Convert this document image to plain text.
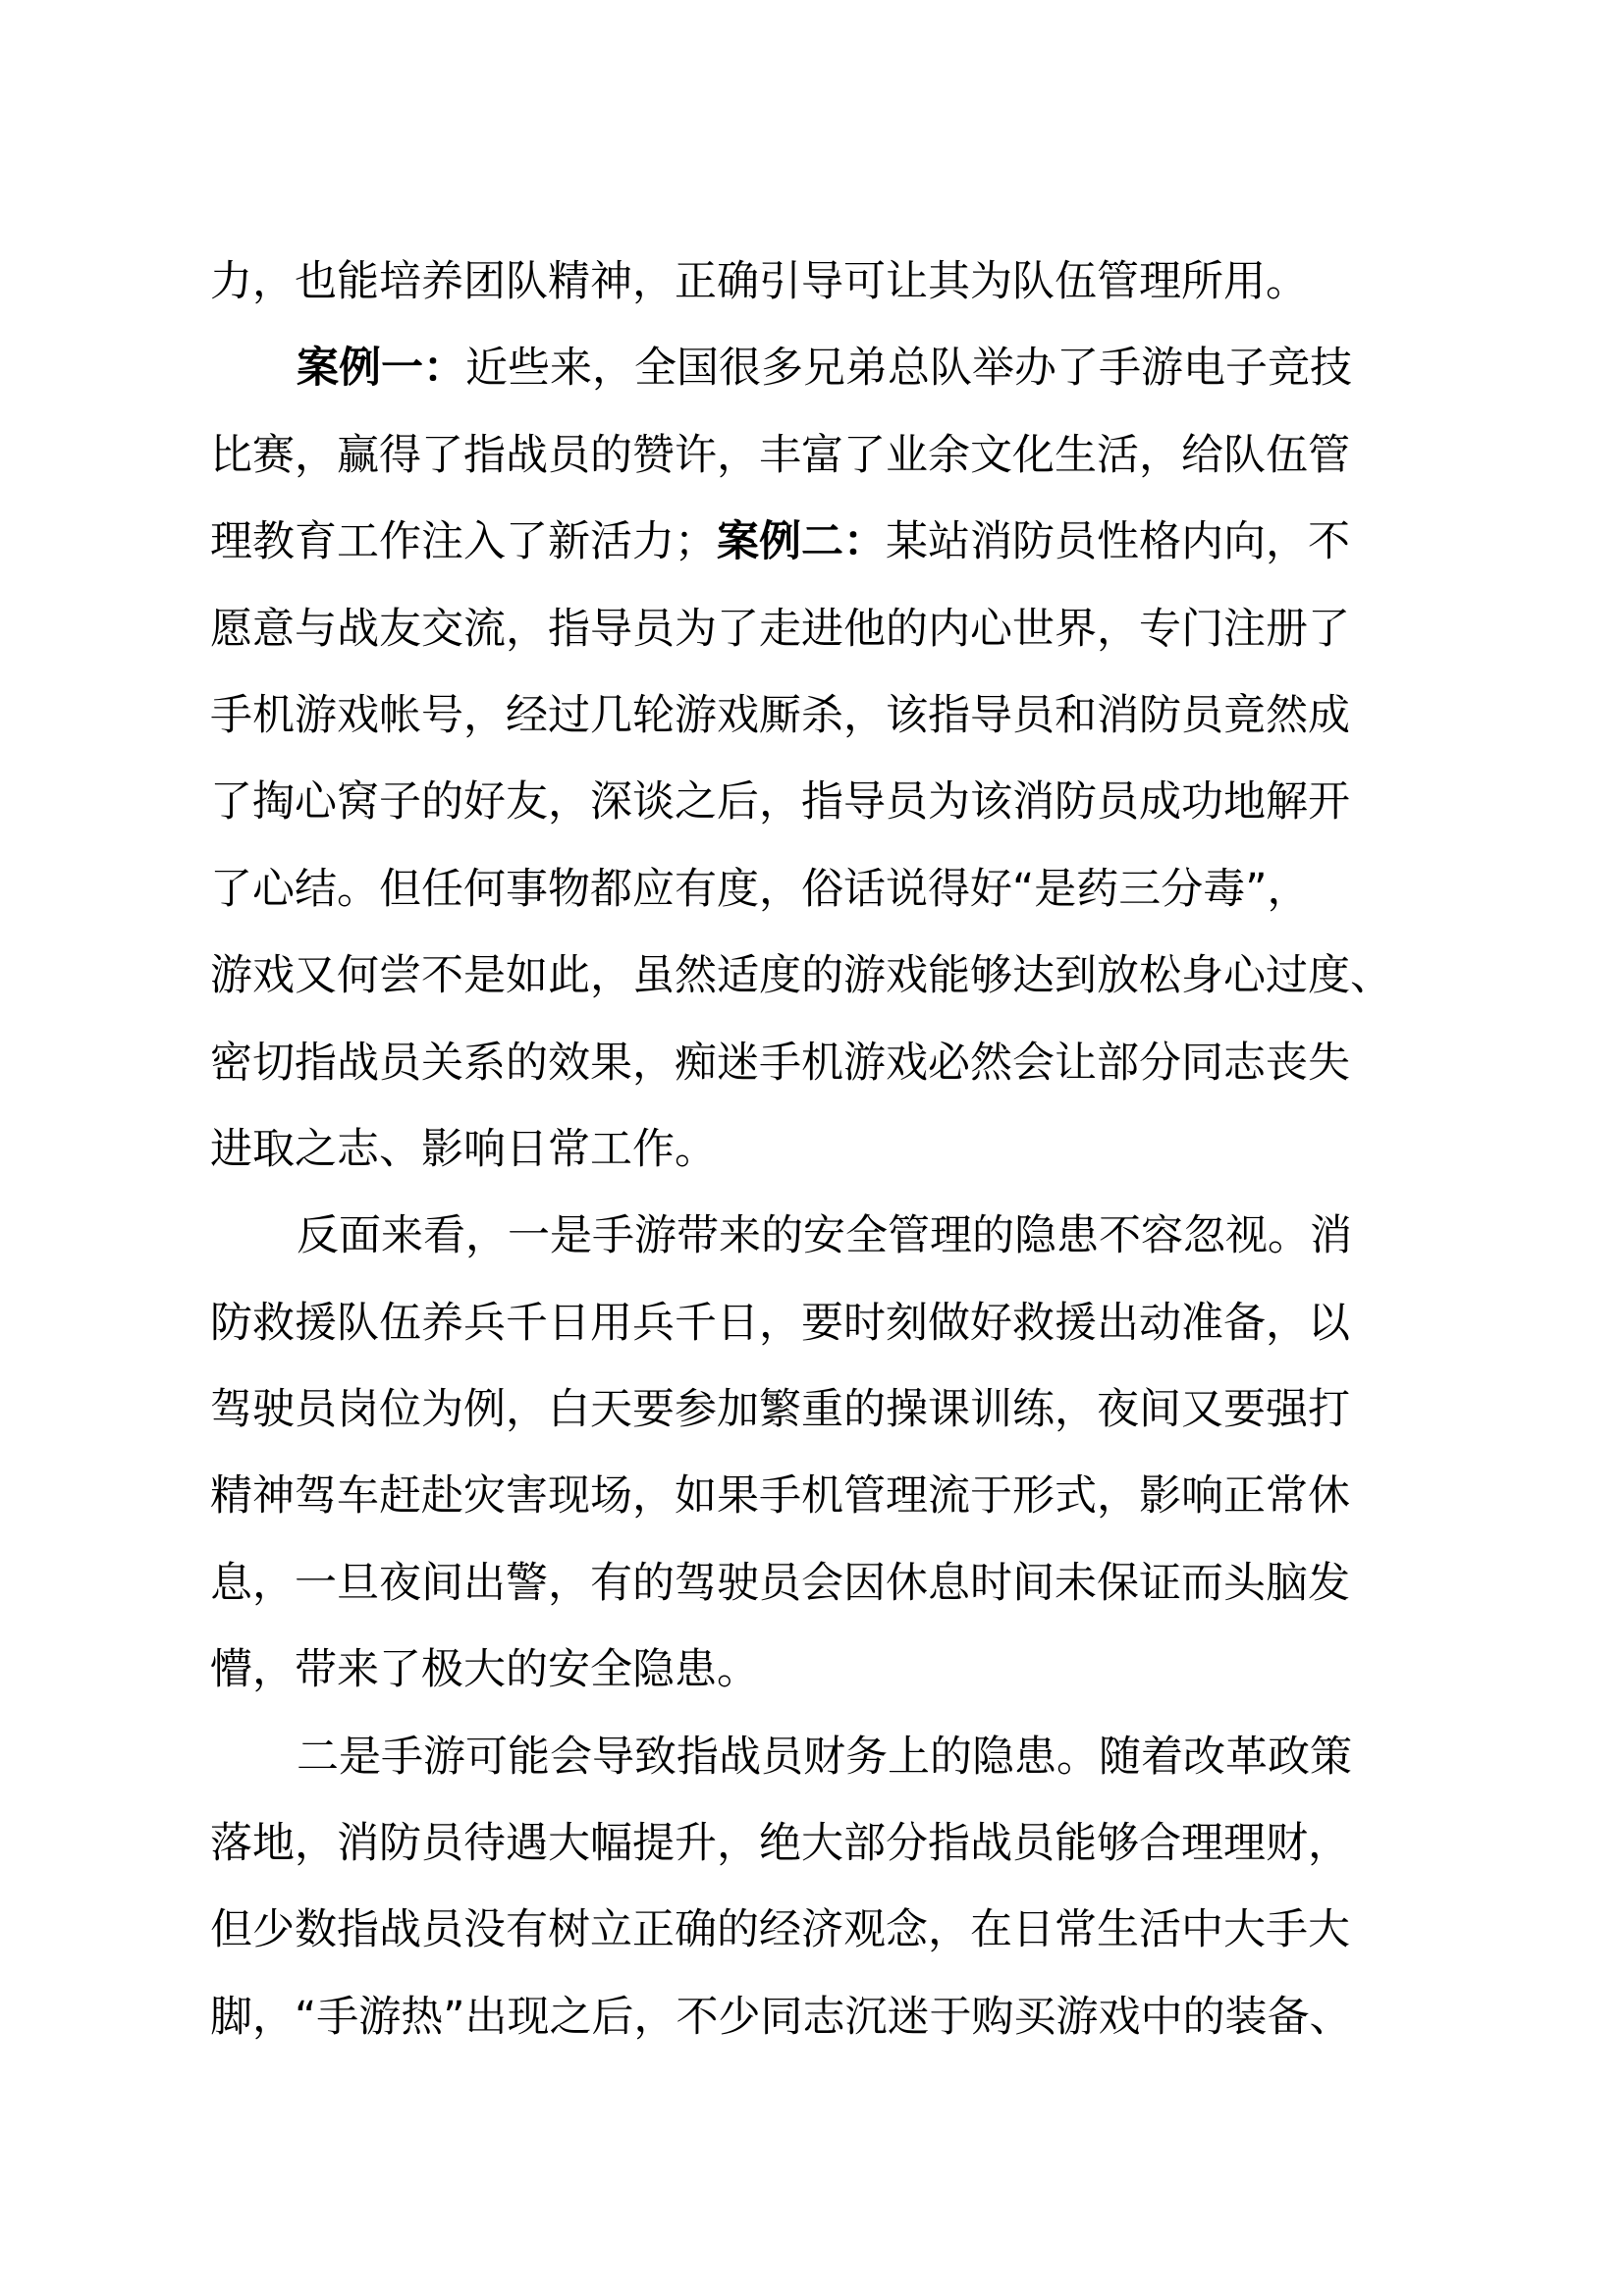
力，也能培养团队精神，正确引导可让其为队伍管理所用。
案例一：近些来，全国很多兄弟总队举办了手游电子竞技
比赛，赢得了指战员的赞许，丰富了业余文化生活，给队伍管
理教育工作注入了新活力；案例二：某站消防员性格内向，不
愿意与战友交流，指导员为了走进他的内心世界，专门注册了
手机游戏帐号，经过几轮游戏厮杀，该指导员和消防员竟然成
了掏心窝子的好友，深谈之后，指导员为该消防员成功地解开
了心结。但任何事物都应有度，俗话说得好“是药三分毒”，
游戏又何尝不是如此，虽然适度的游戏能够达到放松身心过度、
密切指战员关系的效果，痴迷手机游戏必然会让部分同志丧失
进取之志、影响日常工作。
反面来看，一是手游带来的安全管理的隐患不容忽视。消
防救援队伍养兵千日用兵千日，要时刻做好救援出动准备，以
驾驶员岗位为例，白天要参加繁重的操课训练，夜间又要强打
精神驾车赶赴灾害现场，如果手机管理流于形式，影响正常休
息，一旦夜间出警，有的驾驶员会因休息时间未保证而头脑发
懵，带来了极大的安全隐患。
二是手游可能会导致指战员财务上的隐患。随着改革政策
落地，消防员待遇大幅提升，绝大部分指战员能够合理理财，
但少数指战员没有树立正确的经济观念，在日常生活中大手大
脚，“手游热”出现之后，不少同志沉迷于购买游戏中的装备、
